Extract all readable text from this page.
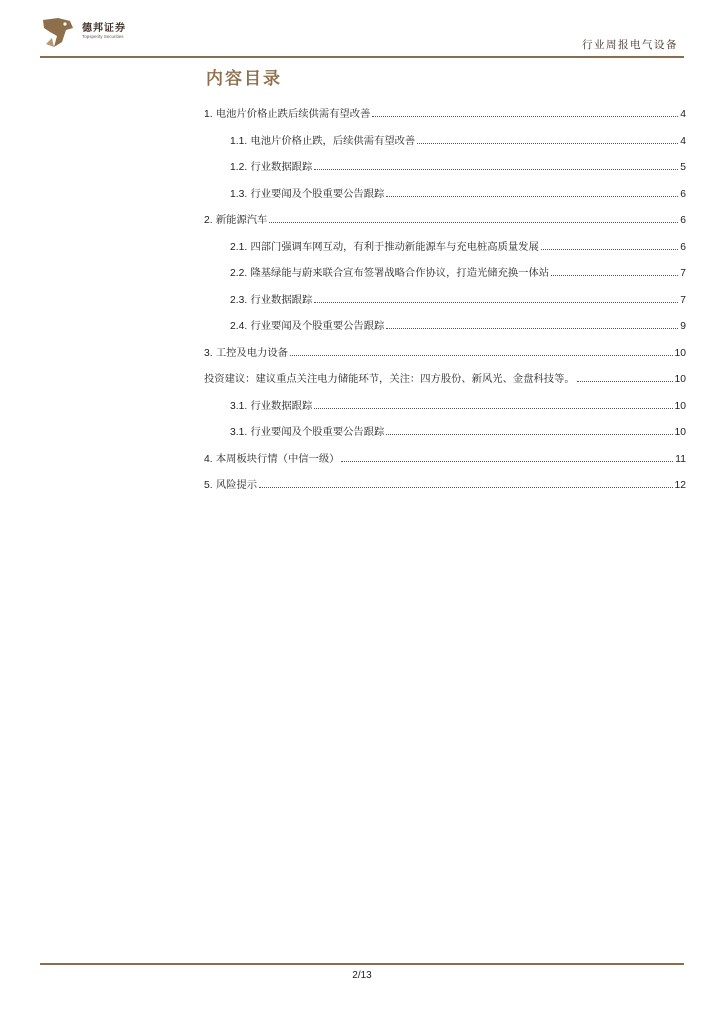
德邦证券
Topsperity Securities
行业周报电气设备
内容目录
1. 电池片价格止跌后续供需有望改善	4
1.1. 电池片价格止跌，后续供需有望改善	4
1.2. 行业数据跟踪	5
1.3. 行业要闻及个股重要公告跟踪	6
2. 新能源汽车	6
2.1. 四部门强调车网互动，有利于推动新能源车与充电桩高质量发展	6
2.2. 隆基绿能与蔚来联合宣布签署战略合作协议，打造光储充换一体站	7
2.3. 行业数据跟踪	7
2.4. 行业要闻及个股重要公告跟踪	9
3. 工控及电力设备	10
投资建议：建议重点关注电力储能环节，关注：四方股份、新风光、金盘科技等。	10
3.1. 行业数据跟踪	10
3.1. 行业要闻及个股重要公告跟踪	10
4. 本周板块行情（中信一级）	11
5. 风险提示	12
2/13
